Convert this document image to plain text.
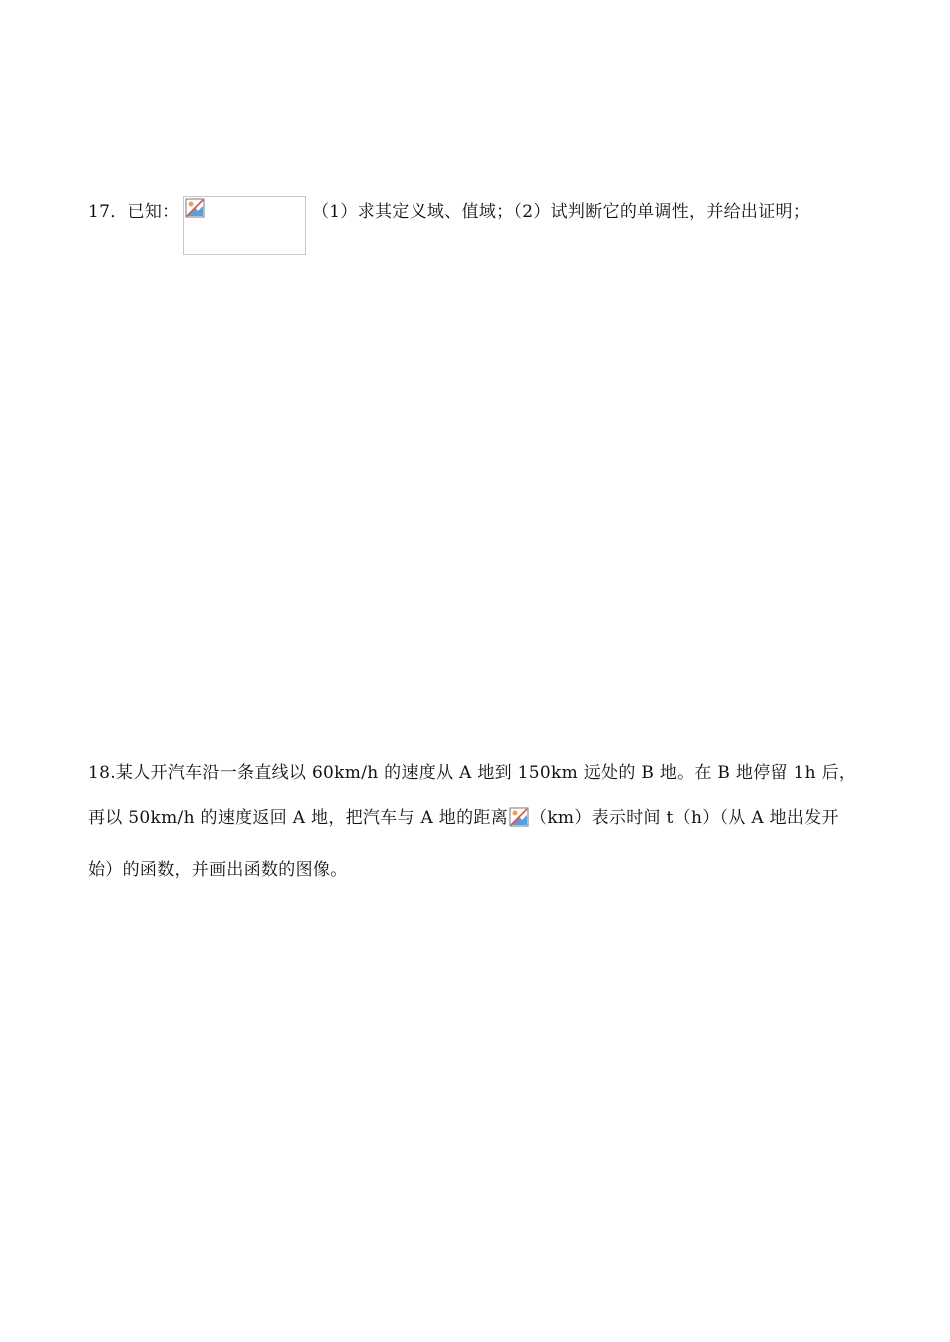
17．已知：	（1）求其定义域、值域；（2）试判断它的单调性，并给出证明；
18.某人开汽车沿一条直线以 60km/h 的速度从 A 地到 150km 远处的 B 地。在 B 地停留 1h 后，
再以 50km/h 的速度返回 A 地，把汽车与 A 地的距离 （km）表示时间 t（h）（从 A 地出发开
始）的函数，并画出函数的图像。
